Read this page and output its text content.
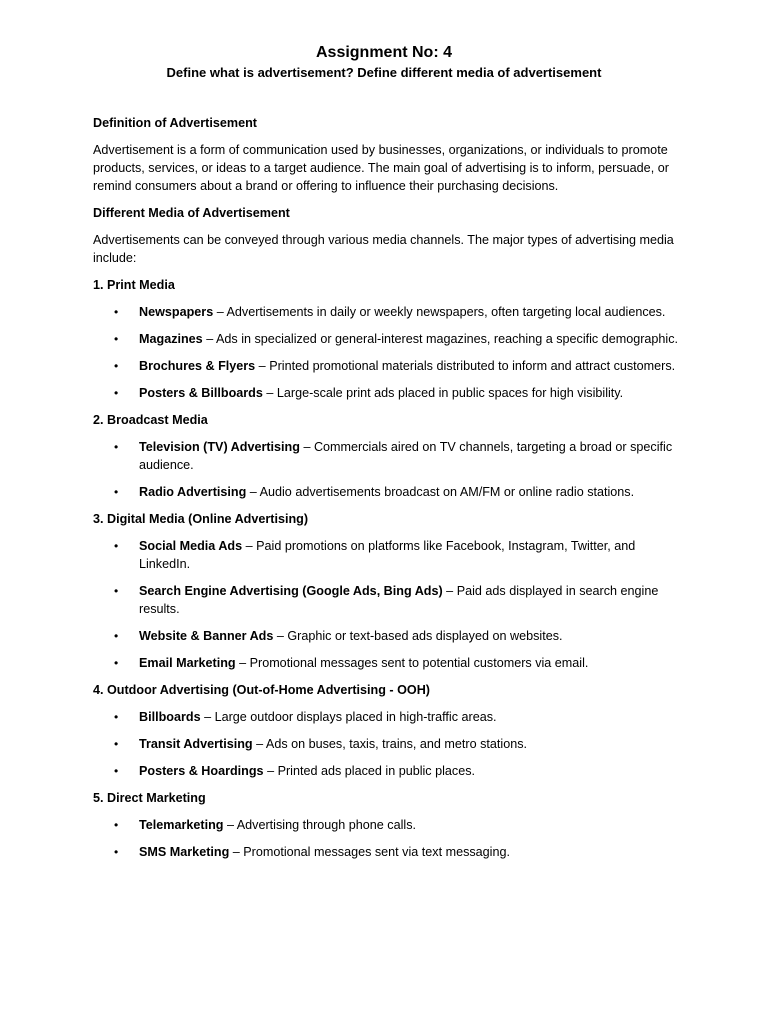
Assignment No: 4
Define what is advertisement? Define different media of advertisement
Definition of Advertisement

Advertisement is a form of communication used by businesses, organizations, or individuals to promote products, services, or ideas to a target audience. The main goal of advertising is to inform, persuade, or remind consumers about a brand or offering to influence their purchasing decisions.

Different Media of Advertisement

Advertisements can be conveyed through various media channels. The major types of advertising media include:

1. Print Media
• Newspapers – Advertisements in daily or weekly newspapers, often targeting local audiences.
• Magazines – Ads in specialized or general-interest magazines, reaching a specific demographic.
• Brochures & Flyers – Printed promotional materials distributed to inform and attract customers.
• Posters & Billboards – Large-scale print ads placed in public spaces for high visibility.
2. Broadcast Media
• Television (TV) Advertising – Commercials aired on TV channels, targeting a broad or specific audience.
• Radio Advertising – Audio advertisements broadcast on AM/FM or online radio stations.
3. Digital Media (Online Advertising)
• Social Media Ads – Paid promotions on platforms like Facebook, Instagram, Twitter, and LinkedIn.
• Search Engine Advertising (Google Ads, Bing Ads) – Paid ads displayed in search engine results.
• Website & Banner Ads – Graphic or text-based ads displayed on websites.
• Email Marketing – Promotional messages sent to potential customers via email.
4. Outdoor Advertising (Out-of-Home Advertising - OOH)
• Billboards – Large outdoor displays placed in high-traffic areas.
• Transit Advertising – Ads on buses, taxis, trains, and metro stations.
• Posters & Hoardings – Printed ads placed in public places.
5. Direct Marketing
• Telemarketing – Advertising through phone calls.
• SMS Marketing – Promotional messages sent via text messaging.
